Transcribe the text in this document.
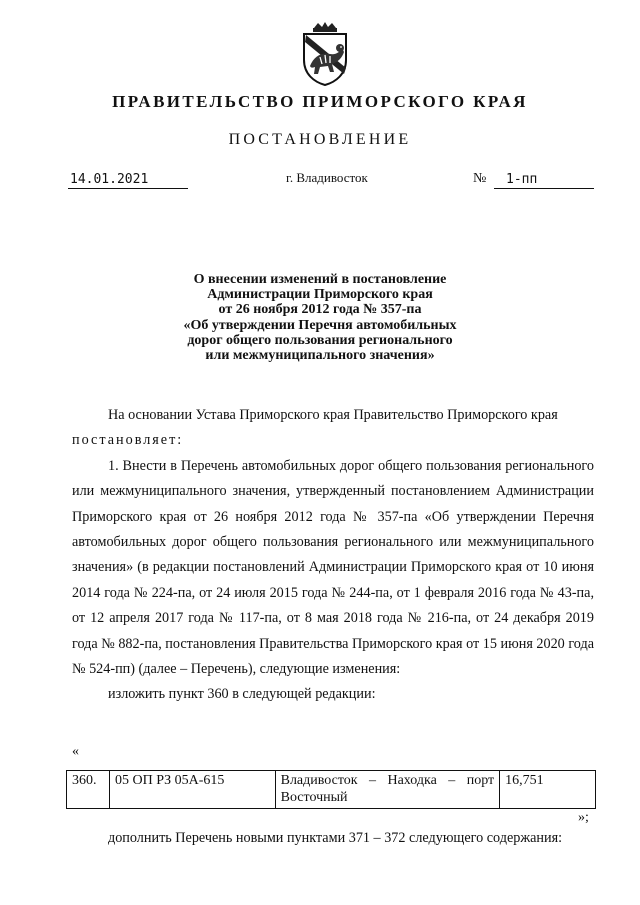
ПРАВИТЕЛЬСТВО ПРИМОРСКОГО КРАЯ
ПОСТАНОВЛЕНИЕ
14.01.2021	г. Владивосток	№	1-пп
О внесении изменений в постановление
Администрации Приморского края
от 26 ноября 2012 года № 357-па
«Об утверждении Перечня автомобильных
дорог общего пользования регионального
или межмуниципального значения»

На основании Устава Приморского края Правительство Приморского края

постановляет:

1. Внести в Перечень автомобильных дорог общего пользования регионального или межмуниципального значения, утвержденный постановлением Администрации Приморского края от 26 ноября 2012 года № 357-па «Об утверждении Перечня автомобильных дорог общего пользования регионального или межмуниципального значения» (в редакции постановлений Администрации Приморского края от 10 июня 2014 года № 224-па, от 24 июля 2015 года № 244-па, от 1 февраля 2016 года № 43-па, от 12 апреля 2017 года № 117-па, от 8 мая 2018 года № 216-па, от 24 декабря 2019 года № 882-па, постановления Правительства Приморского края от 15 июня 2020 года № 524-пп) (далее – Перечень), следующие изменения:

изложить пункт 360 в следующей редакции:

«
360.	05 ОП РЗ 05А-615	Владивосток – Находка – порт Восточный	16,751
»;
дополнить Перечень новыми пунктами 371 – 372 следующего содержания:
